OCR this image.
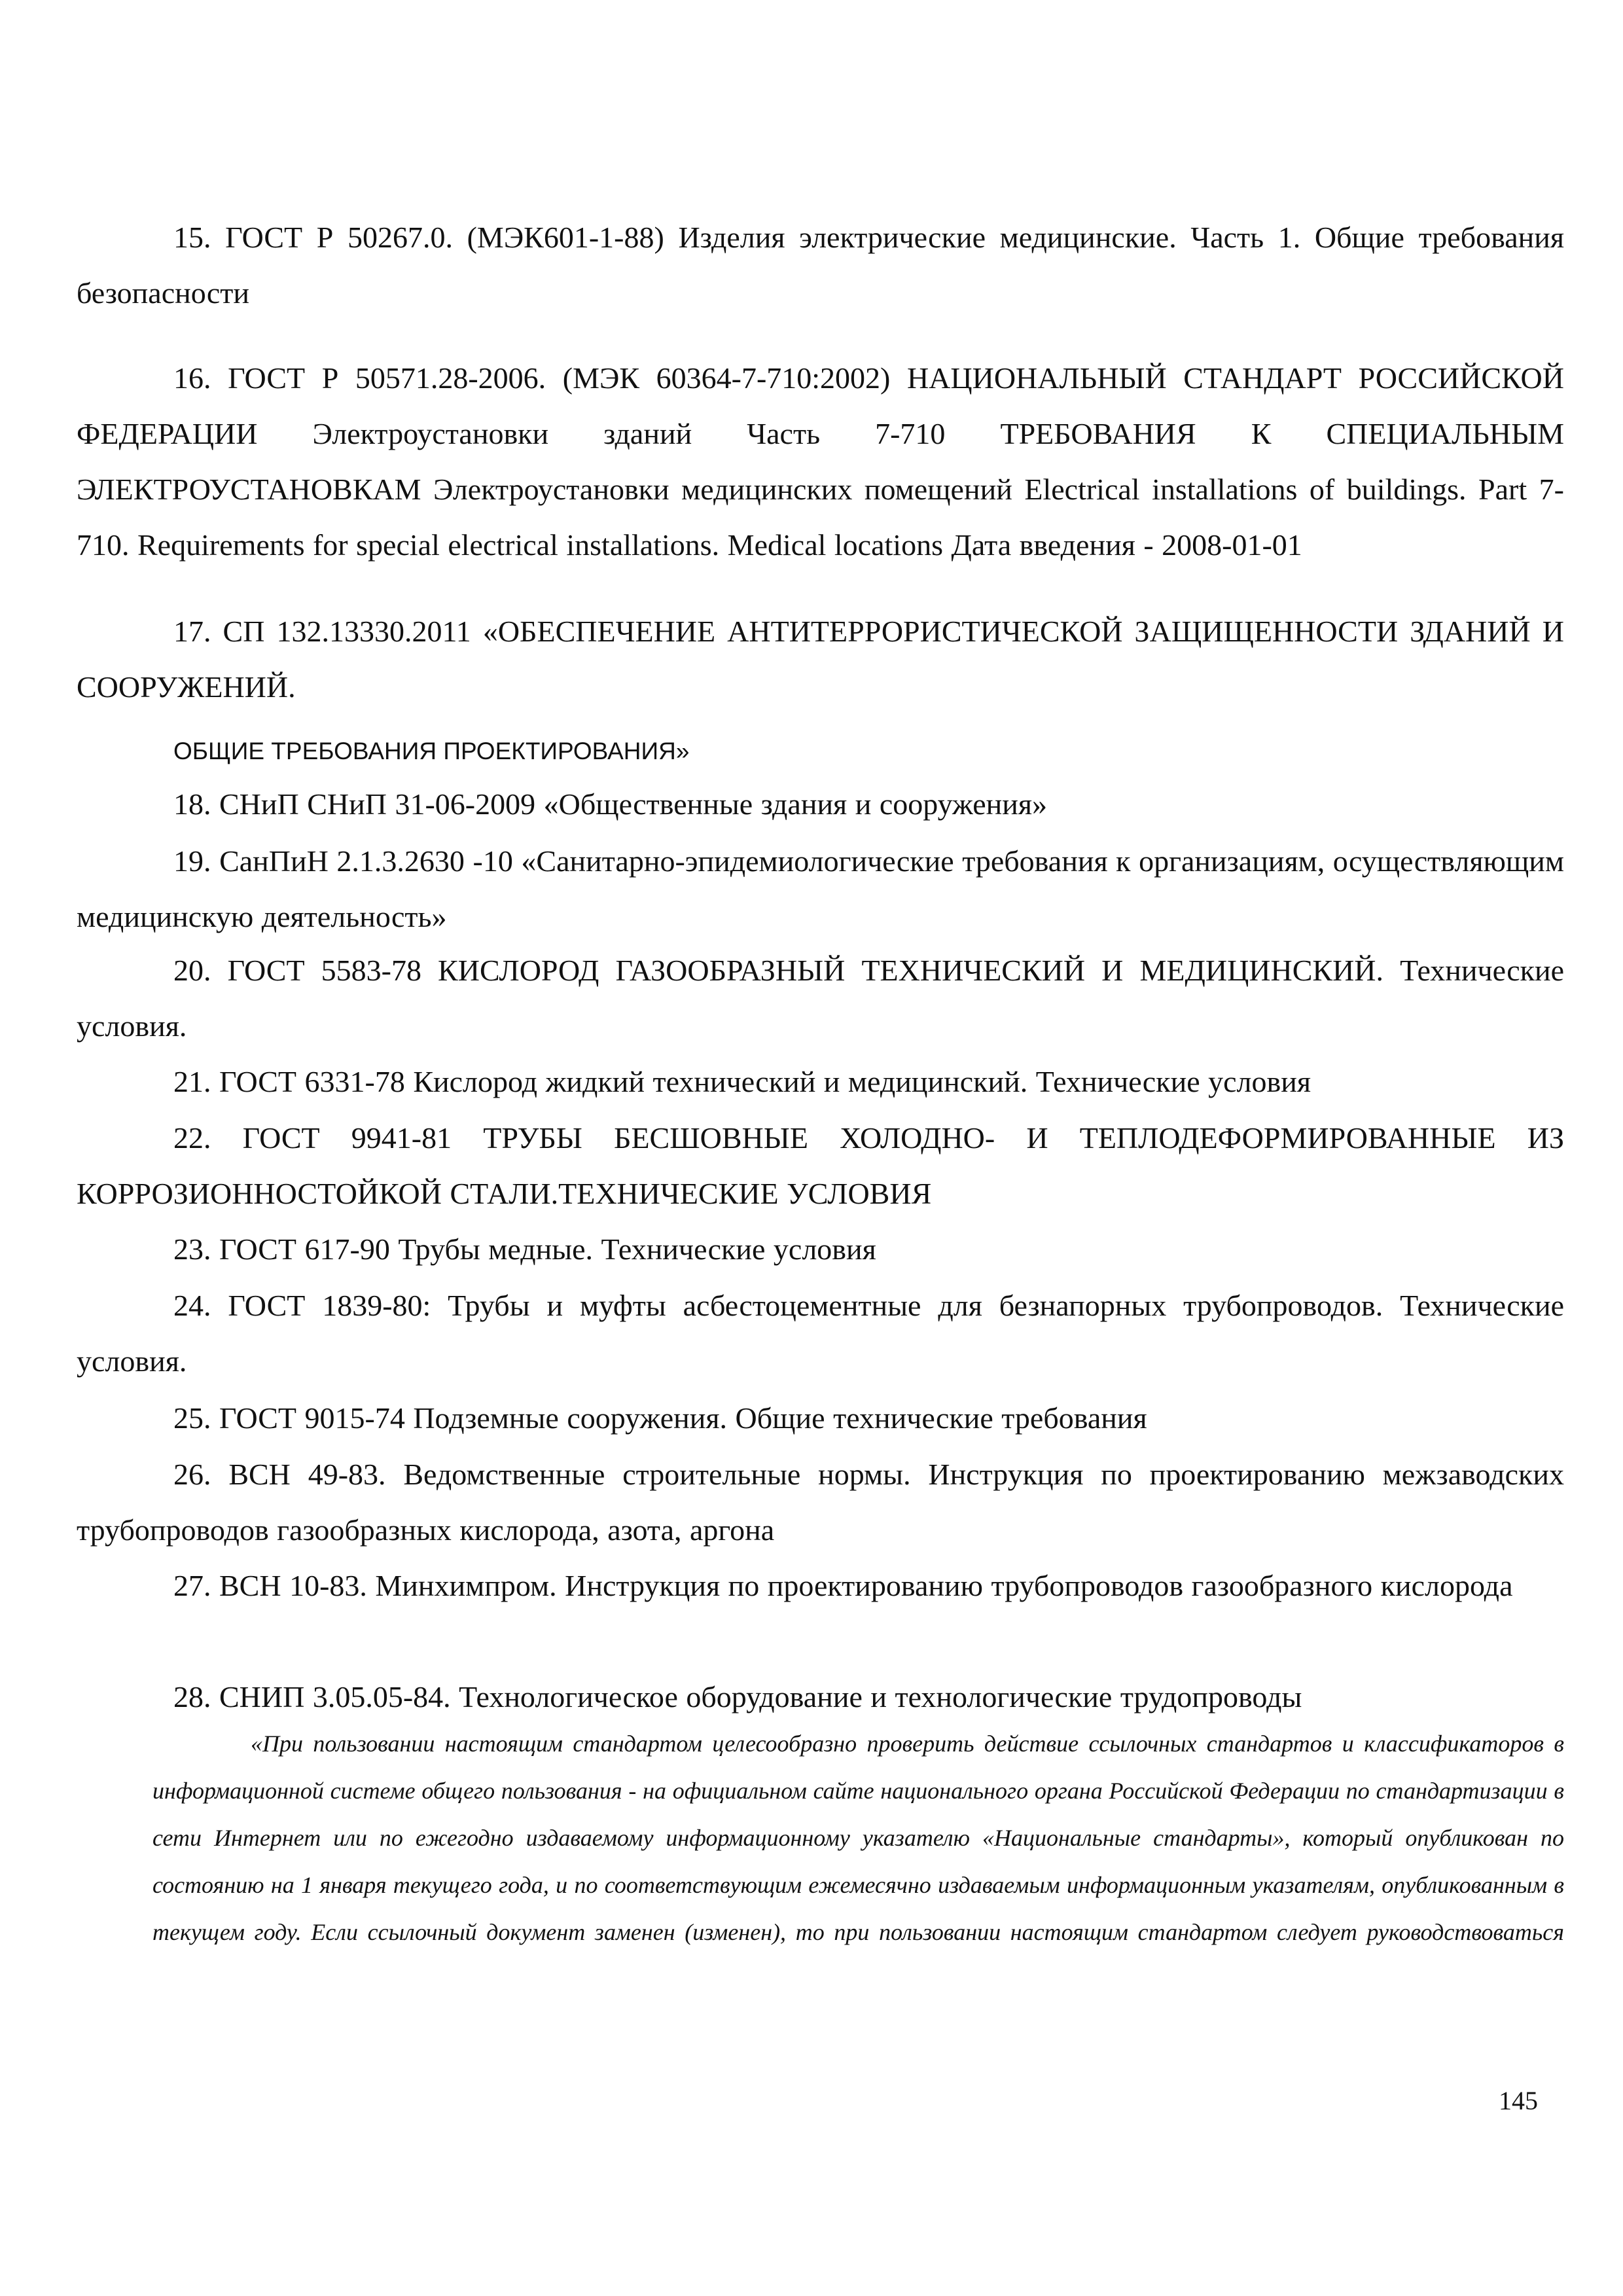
15. ГОСТ Р 50267.0. (МЭК601-1-88) Изделия электрические медицинские. Часть 1. Общие требования безопасности

16. ГОСТ Р 50571.28-2006. (МЭК 60364-7-710:2002) НАЦИОНАЛЬНЫЙ СТАНДАРТ РОССИЙСКОЙ ФЕДЕРАЦИИ Электроустановки зданий Часть 7-710 ТРЕБОВАНИЯ К СПЕЦИАЛЬНЫМ ЭЛЕКТРОУСТАНОВКАМ Электроустановки медицинских помещений Electrical installations of buildings. Part 7-710. Requirements for special electrical installations. Medical locations Дата введения - 2008-01-01

17. СП 132.13330.2011 «ОБЕСПЕЧЕНИЕ АНТИТЕРРОРИСТИЧЕСКОЙ ЗАЩИЩЕННОСТИ ЗДАНИЙ И СООРУЖЕНИЙ.

ОБЩИЕ ТРЕБОВАНИЯ ПРОЕКТИРОВАНИЯ»

18. СНиП СНиП 31-06-2009 «Общественные здания и сооружения»

19. СанПиН 2.1.3.2630 -10 «Санитарно-эпидемиологические требования к организациям, осуществляющим медицинскую деятельность»

20. ГОСТ 5583-78 КИСЛОРОД ГАЗООБРАЗНЫЙ ТЕХНИЧЕСКИЙ И МЕДИЦИНСКИЙ. Технические условия.

21. ГОСТ 6331-78 Кислород жидкий технический и медицинский. Технические условия

22. ГОСТ 9941-81 ТРУБЫ БЕСШОВНЫЕ ХОЛОДНО- И ТЕПЛОДЕФОРМИРОВАННЫЕ ИЗ КОРРОЗИОННОСТОЙКОЙ СТАЛИ.ТЕХНИЧЕСКИЕ УСЛОВИЯ

23. ГОСТ 617-90 Трубы медные. Технические условия

24. ГОСТ 1839-80: Трубы и муфты асбестоцементные для безнапорных трубопроводов. Технические условия.

25. ГОСТ 9015-74 Подземные сооружения. Общие технические требования

26. ВСН 49-83. Ведомственные строительные нормы. Инструкция по проектированию межзаводских трубопроводов газообразных кислорода, азота, аргона

27. ВСН 10-83. Минхимпром. Инструкция по проектированию трубопроводов газообразного кислорода

28. СНИП 3.05.05-84. Технологическое оборудование и технологические трудопроводы

«При пользовании настоящим стандартом целесообразно проверить действие ссылочных стандартов и классификаторов в информационной системе общего пользования - на официальном сайте национального органа Российской Федерации по стандартизации в сети Интернет или по ежегодно издаваемому информационному указателю «Национальные стандарты», который опубликован по состоянию на 1 января текущего года, и по соответствующим ежемесячно издаваемым информационным указателям, опубликованным в текущем году. Если ссылочный документ заменен (изменен), то при пользовании настоящим стандартом следует руководствоваться

145
